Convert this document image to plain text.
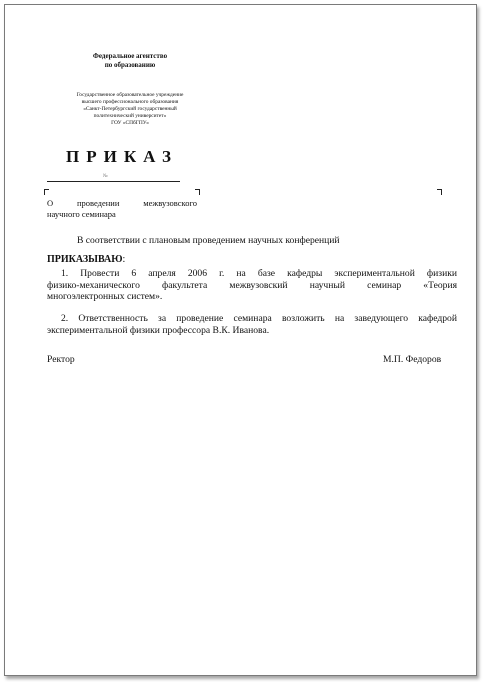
Федеральное агентство
по образованию
Государственное образовательное учреждение
высшего профессионального образования
«Санкт-Петербургский государственный
политехнический университет»
ГОУ «СПбГПУ»
ПРИКАЗ
№
О проведении межвузовского
научного семинара
В соответствии с плановым проведением научных конференций
ПРИКАЗЫВАЮ:
1. Провести 6 апреля 2006 г. на базе кафедры экспериментальной физики
физико-механического факультета межвузовский научный семинар «Теория
многоэлектронных систем».
2. Ответственность за проведение семинара возложить на заведующего кафедрой
экспериментальной физики профессора В.К. Иванова.
Ректор	М.П. Федоров
